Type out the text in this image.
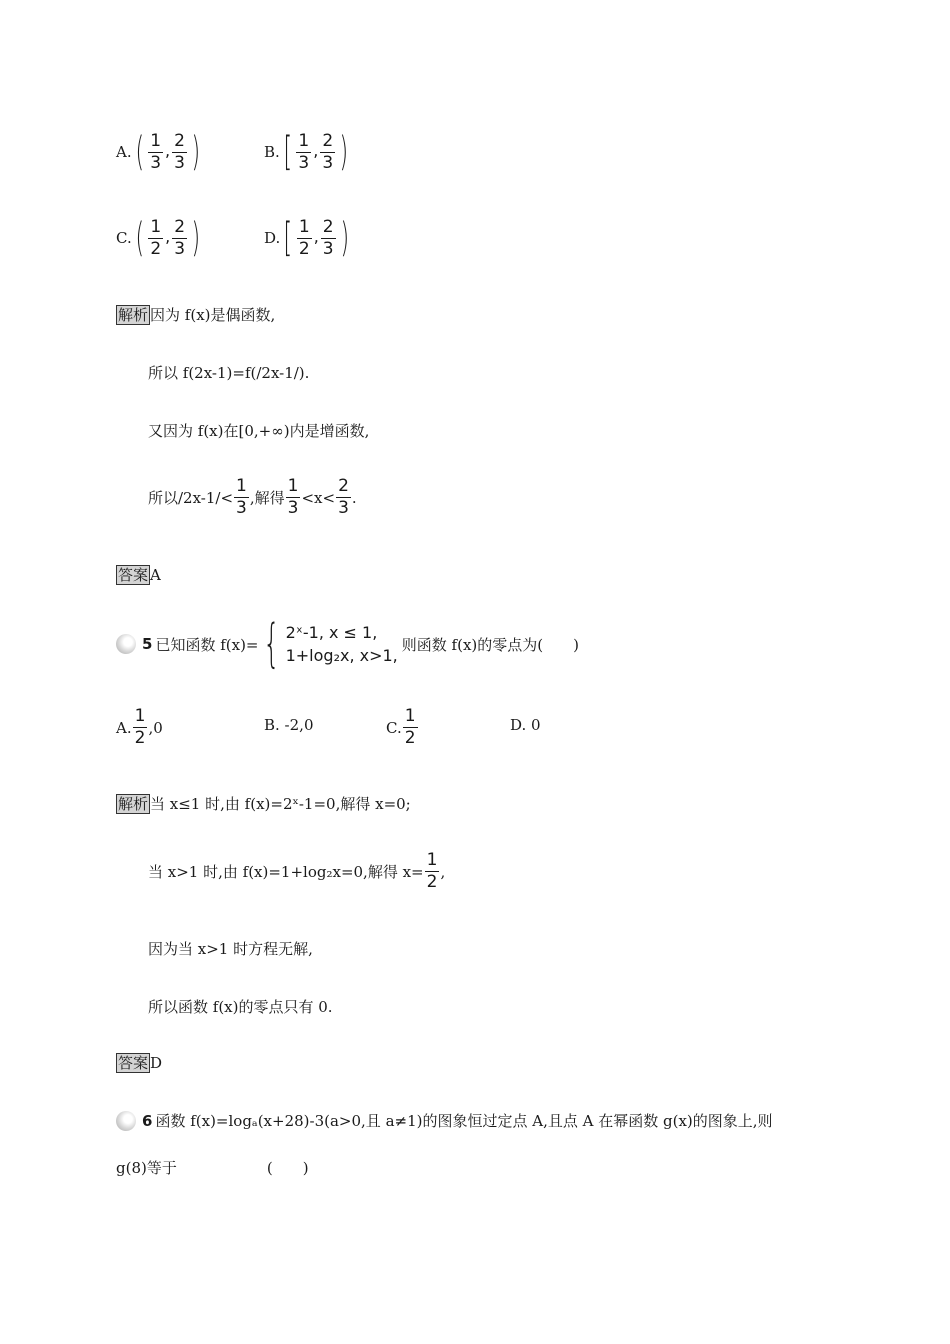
A. ( $\frac{1}{3}$ , $\frac{2}{3}$ )	B. [ $\frac{1}{3}$ , $\frac{2}{3}$ )
C. ( $\frac{1}{2}$ , $\frac{2}{3}$ )	D. [ $\frac{1}{2}$ , $\frac{2}{3}$ )
解析 因为 f(x)是偶函数,
所以 f(2x-1)=f(/2x-1/).
又因为 f(x)在[0,+∞)内是增函数,
所以$/2x-1/< \frac{1}{3}$ ,解得 $\frac{1}{3} <x< \frac{2}{3}$ .
答案 A
5 已知函数 f(x)= { 2ˣ-1, x ≤ 1,
1+log₂x, x>1,
则函数 f(x)的零点为(　　)
A. $\frac{1}{2} ,0$	B. -2,0	C. $\frac{1}{2}$	D. 0
解析 当 x≤1 时,由 f(x)=2ˣ-1=0,解得 x=0;
当 x>1 时,由 f(x)=1+log₂x=0,解得 $x= \frac{1}{2}$ ,
因为当 x>1 时方程无解,
所以函数 f(x)的零点只有 0.
答案 D
6 函数 f(x)=logₐ(x+28)-3(a>0,且 a≠1)的图象恒过定点 A,且点 A 在幂函数 g(x)的图象上,则
g(8)等于　　　　　　(　　)
